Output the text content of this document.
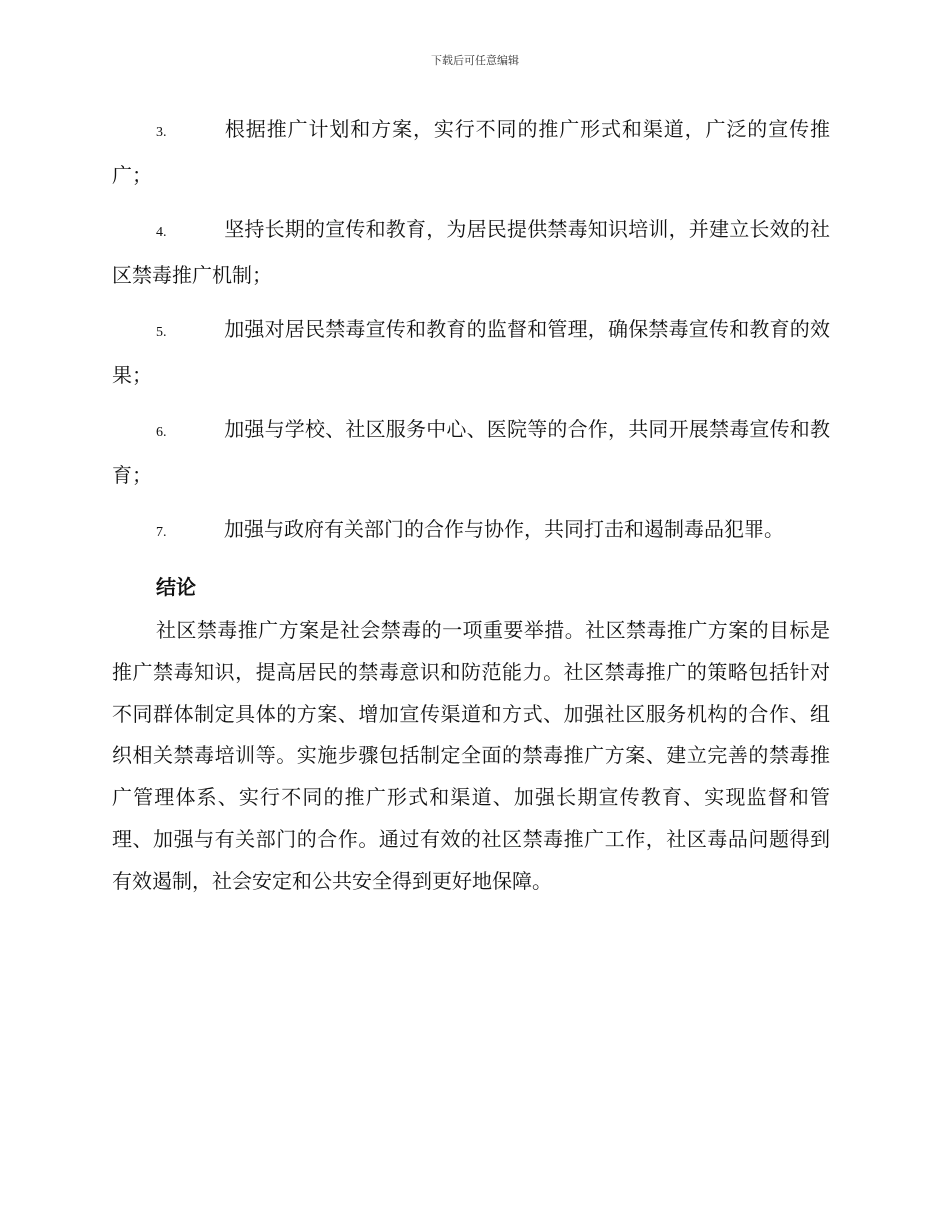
下载后可任意编辑

3.	根据推广计划和方案，实行不同的推广形式和渠道，广泛的宣传推广；

4.	坚持长期的宣传和教育，为居民提供禁毒知识培训，并建立长效的社区禁毒推广机制；

5.	加强对居民禁毒宣传和教育的监督和管理，确保禁毒宣传和教育的效果；

6.	加强与学校、社区服务中心、医院等的合作，共同开展禁毒宣传和教育；

7.	加强与政府有关部门的合作与协作，共同打击和遏制毒品犯罪。

结论

社区禁毒推广方案是社会禁毒的一项重要举措。社区禁毒推广方案的目标是推广禁毒知识，提高居民的禁毒意识和防范能力。社区禁毒推广的策略包括针对不同群体制定具体的方案、增加宣传渠道和方式、加强社区服务机构的合作、组织相关禁毒培训等。实施步骤包括制定全面的禁毒推广方案、建立完善的禁毒推广管理体系、实行不同的推广形式和渠道、加强长期宣传教育、实现监督和管理、加强与有关部门的合作。通过有效的社区禁毒推广工作，社区毒品问题得到有效遏制，社会安定和公共安全得到更好地保障。
